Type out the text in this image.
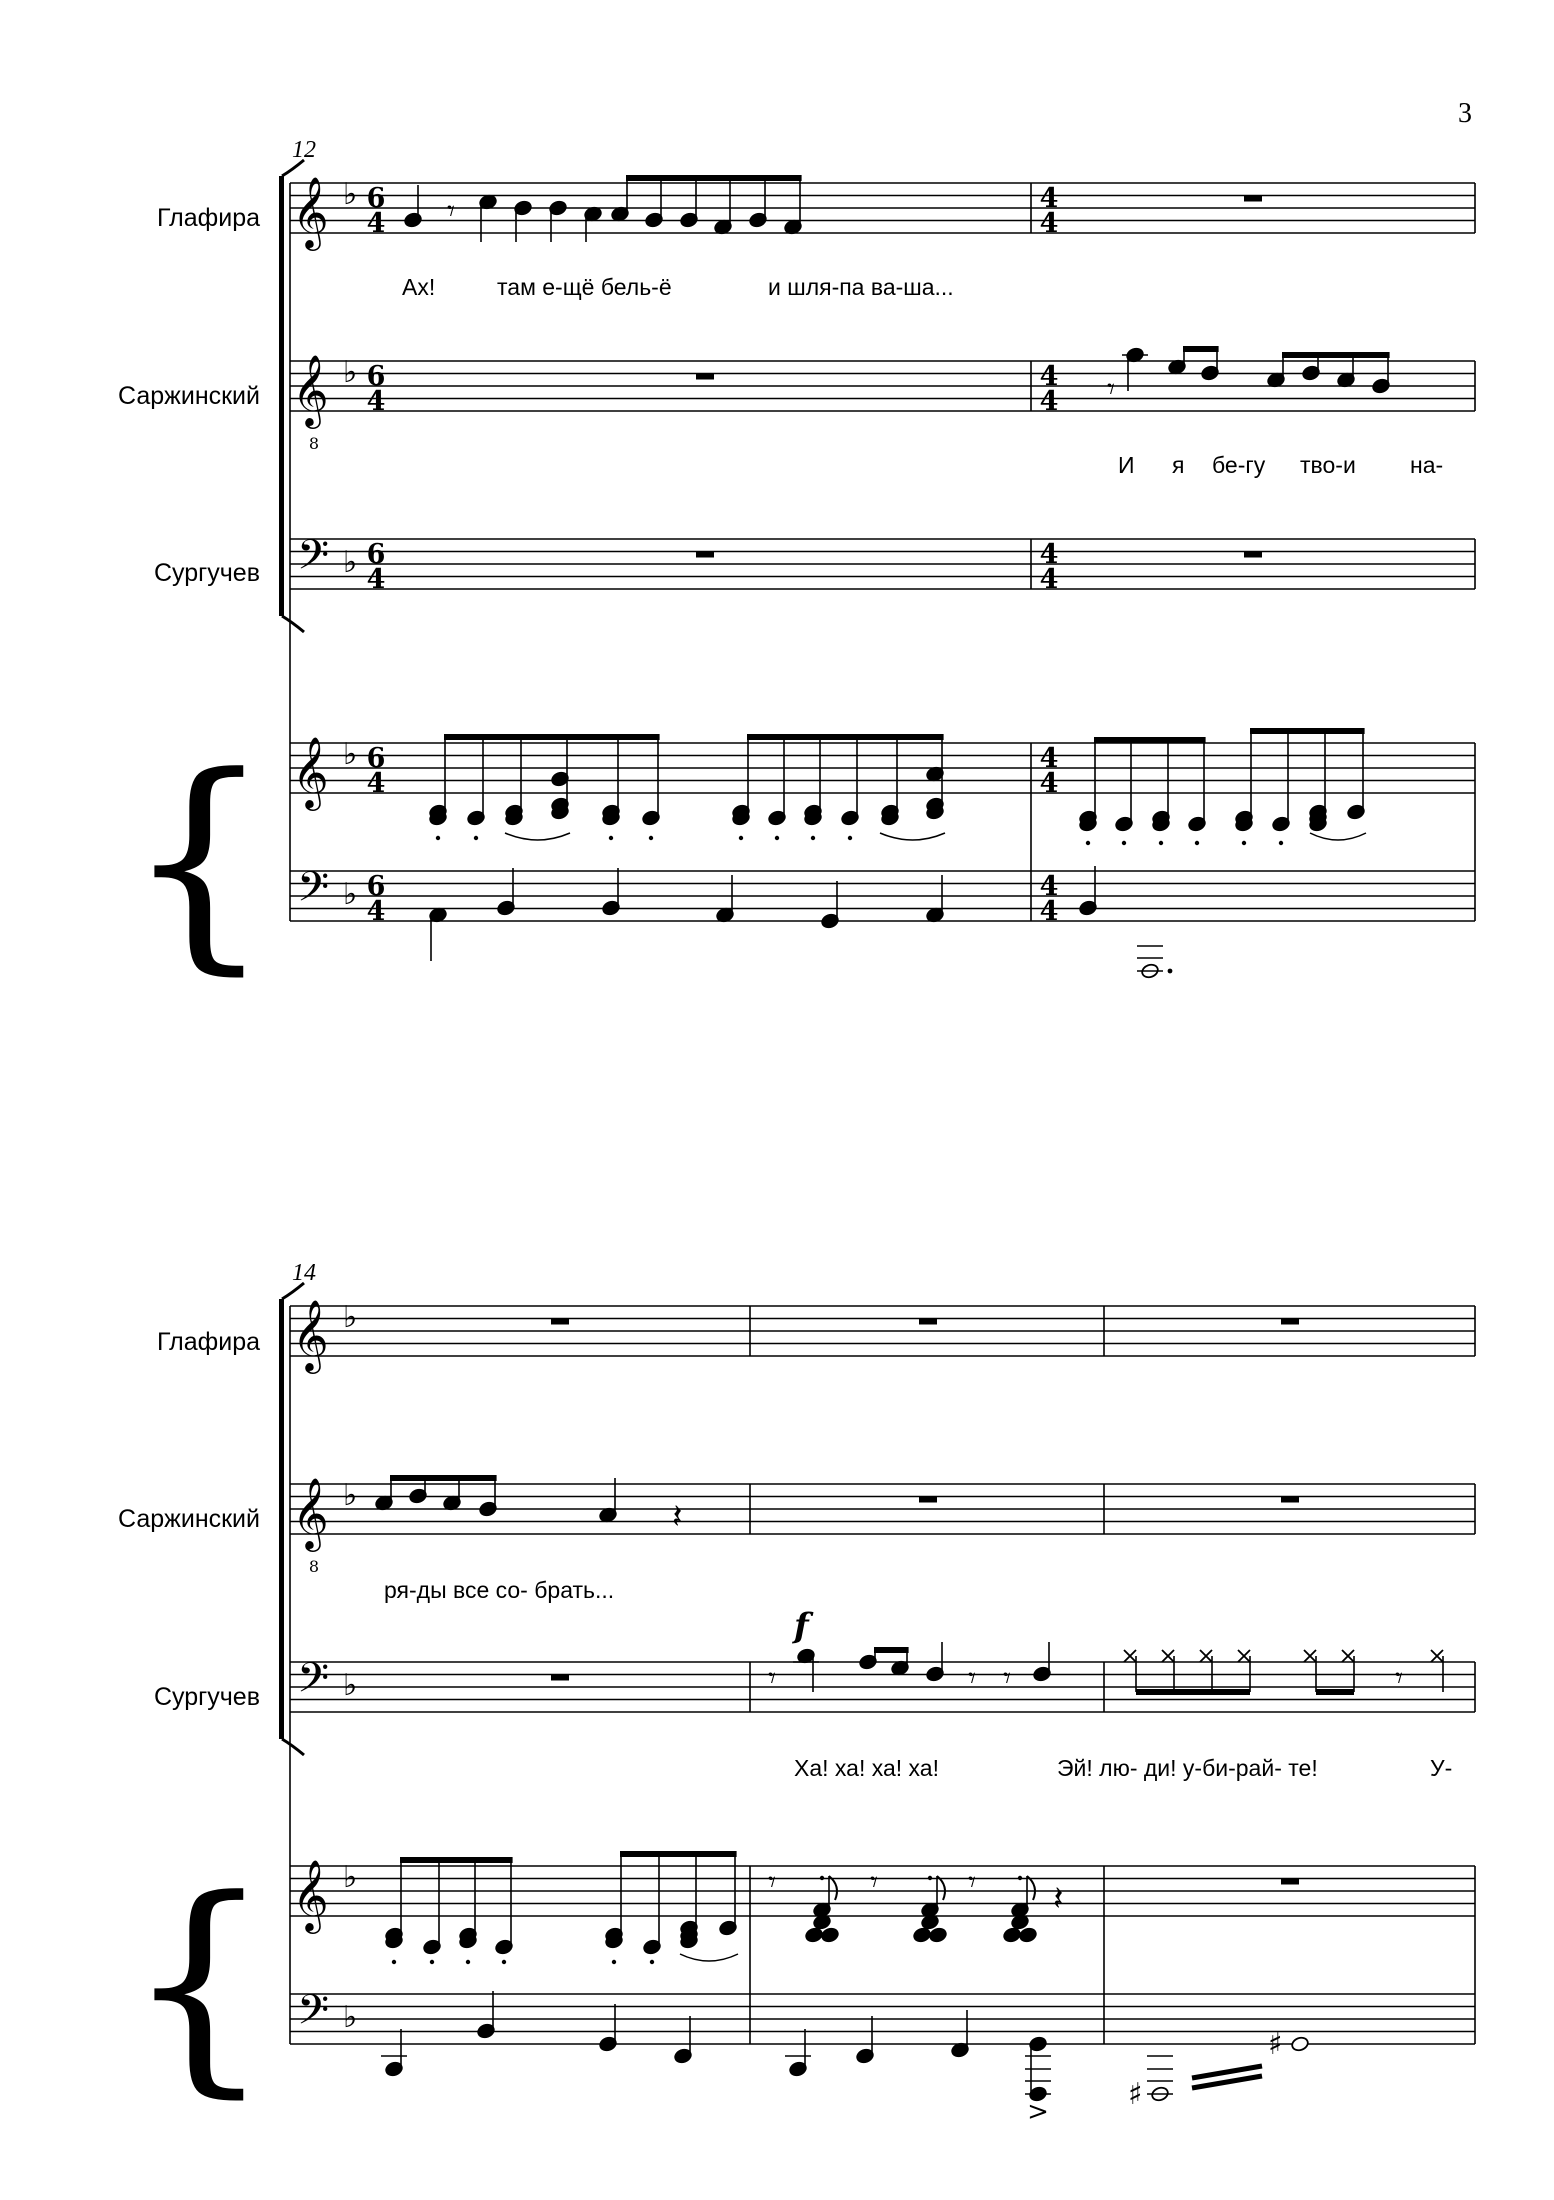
3
{
𝄞 ♭ 6
4
4
4
𝄞 ♭ 6
4
4
4
𝄢 ♭ 6
4
4
4
𝄞 ♭ 6
4
4
4
𝄢 ♭ 6
4
4
4
8
𝄾
𝄾
{
𝄞 ♭
𝄞 ♭
𝄢 ♭
𝄞 ♭
𝄢 ♭
8
𝄽
𝄾	𝄾 𝄾	𝄾
𝄾	𝄾	𝄾 𝄽
>	♯
♯
12
Глафира
Саржинский
Сургучев
Ах!	там е-щё бель-ё	и шля-па ва-ша...
И я бе-гу тво-и на-
14
Глафира
Саржинский
Сургучев
ря-ды все со- брать...
Ха! ха! ха! ха!	Эй! лю- ди! у-би-рай- те!	У-
f
